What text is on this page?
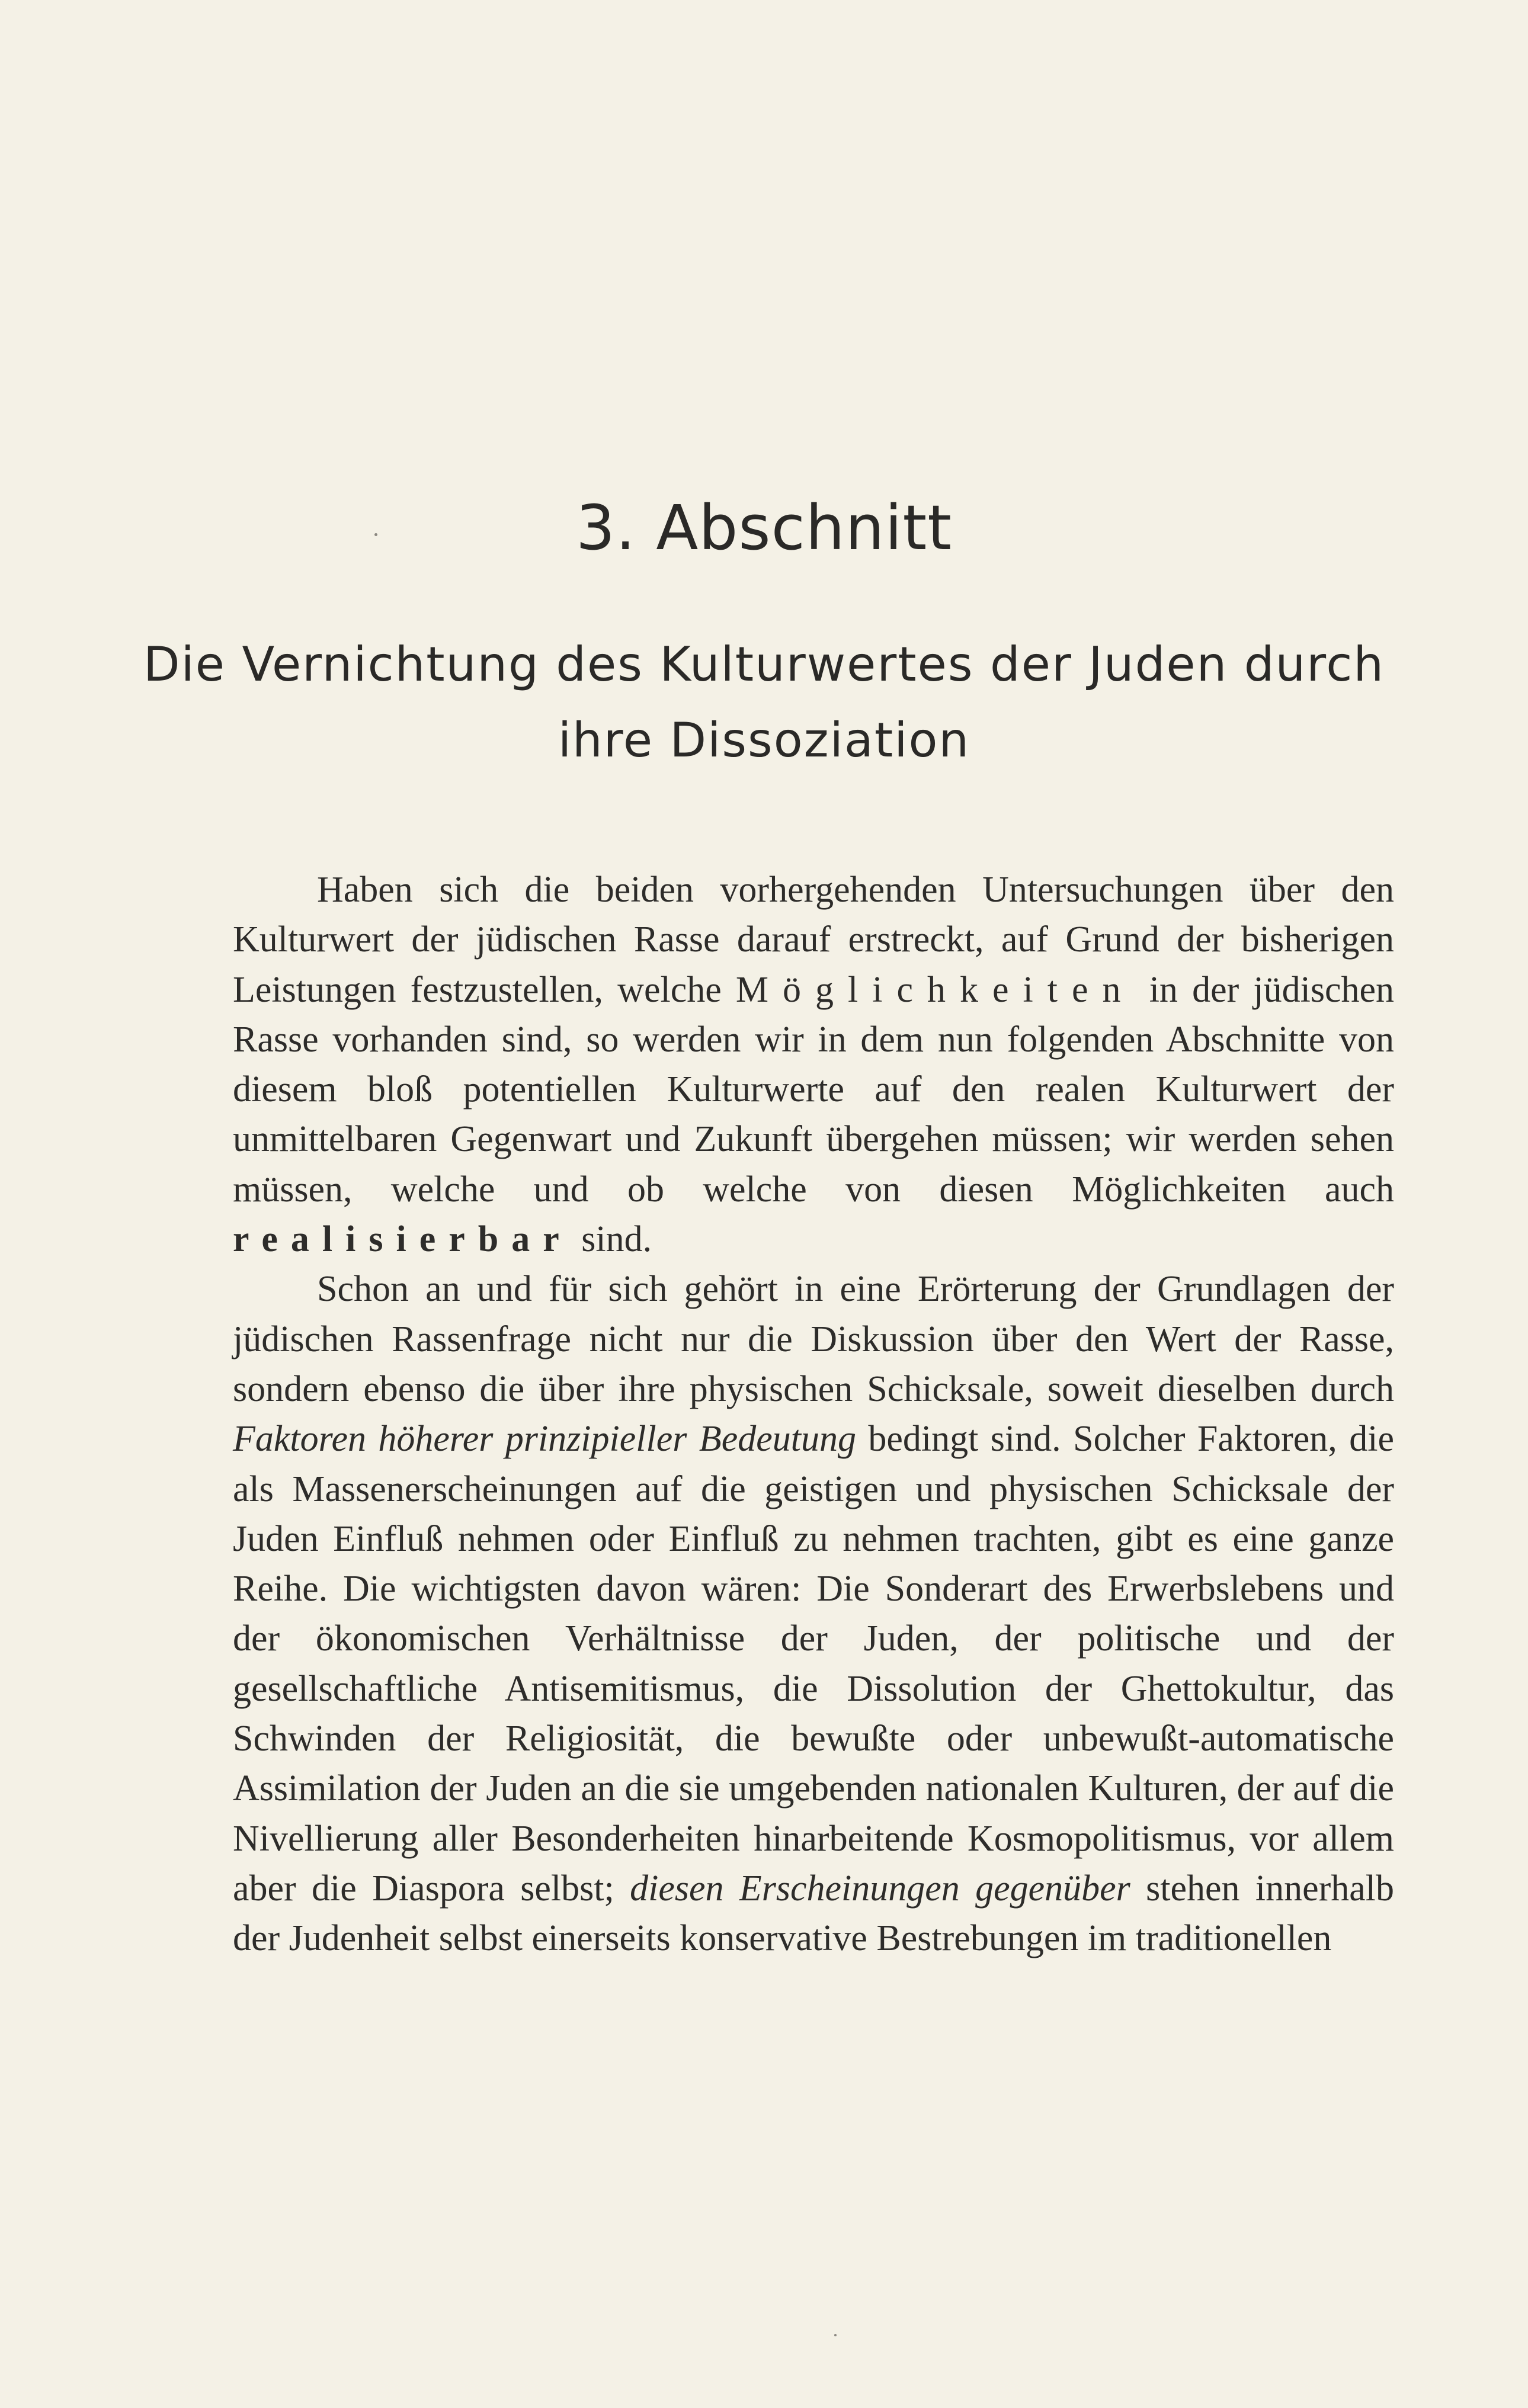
3. Abschnitt
Die Vernichtung des Kulturwertes der Juden durch
ihre Dissoziation

Haben sich die beiden vorhergehenden Untersuchungen über den Kulturwert der jüdischen Rasse darauf erstreckt, auf Grund der bisherigen Leistungen festzustellen, welche Möglichkeiten in der jüdischen Rasse vorhanden sind, so werden wir in dem nun folgenden Abschnitte von diesem bloß potentiellen Kulturwerte auf den realen Kulturwert der unmittelbaren Gegenwart und Zukunft übergehen müssen; wir werden sehen müssen, welche und ob welche von diesen Möglichkeiten auch realisierbar sind.

Schon an und für sich gehört in eine Erörterung der Grundlagen der jüdischen Rassenfrage nicht nur die Diskussion über den Wert der Rasse, sondern ebenso die über ihre physischen Schicksale, soweit dieselben durch Faktoren höherer prinzipieller Bedeutung bedingt sind. Solcher Faktoren, die als Massenerscheinungen auf die geistigen und physischen Schicksale der Juden Einfluß nehmen oder Einfluß zu nehmen trachten, gibt es eine ganze Reihe. Die wichtigsten davon wären: Die Sonderart des Erwerbslebens und der ökonomischen Verhältnisse der Juden, der politische und der gesellschaftliche Antisemitismus, die Dissolution der Ghettokultur, das Schwinden der Religiosität, die bewußte oder unbewußt-automatische Assimilation der Juden an die sie umgebenden nationalen Kulturen, der auf die Nivellierung aller Besonderheiten hinarbeitende Kosmopolitismus, vor allem aber die Diaspora selbst; diesen Erscheinungen gegenüber stehen innerhalb der Judenheit selbst einerseits konservative Bestrebungen im traditionellen
